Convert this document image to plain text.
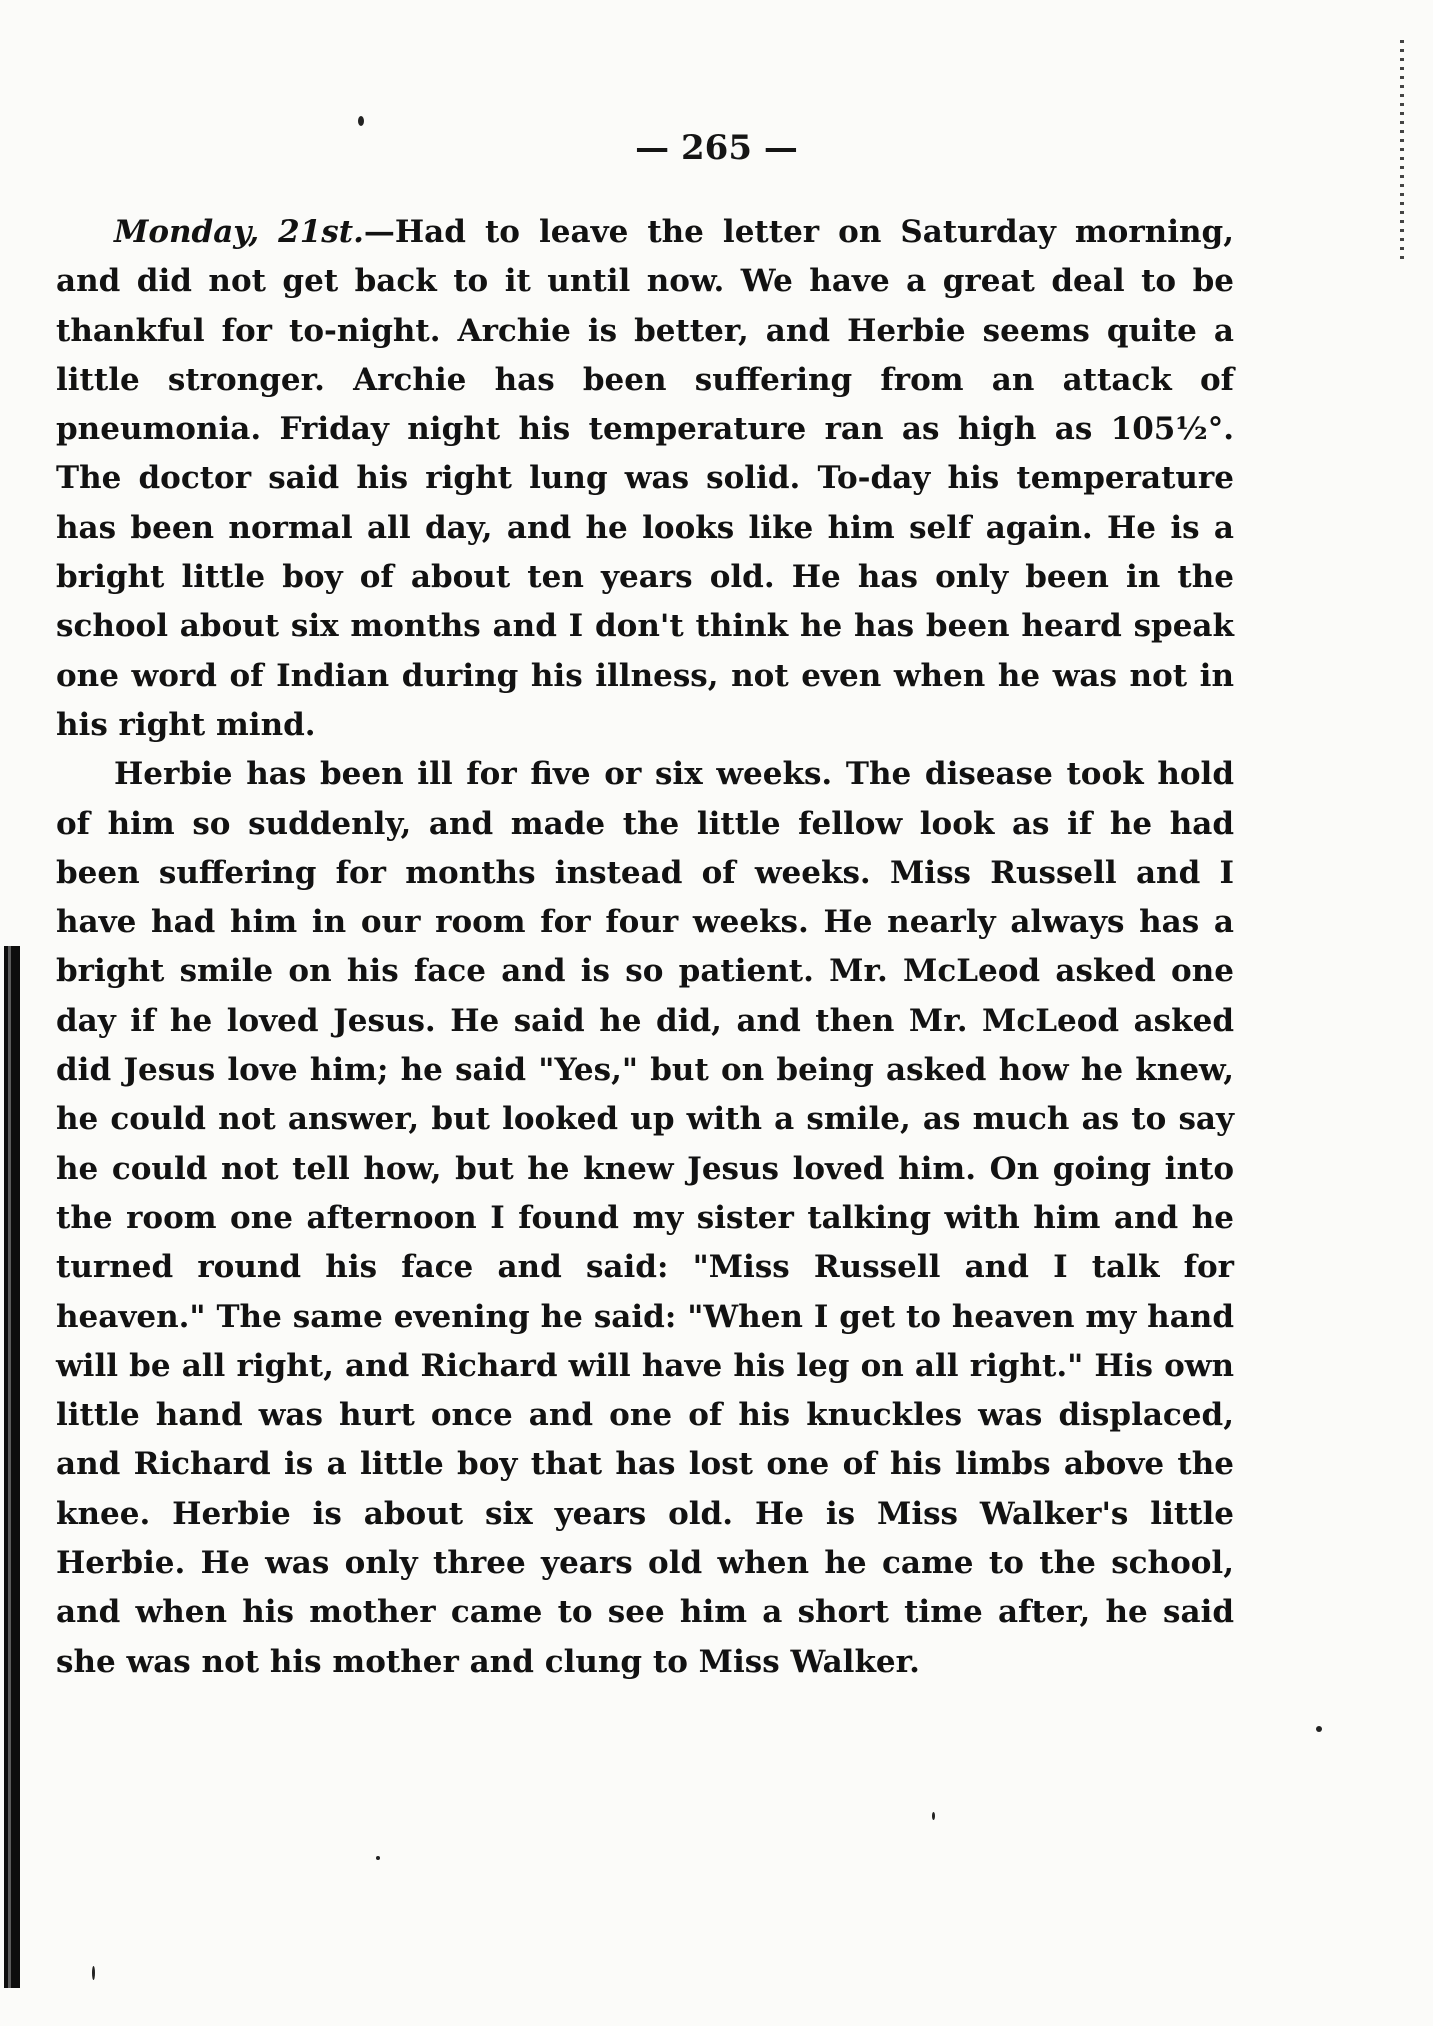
— 265 —

Monday, 21st.—Had to leave the letter on Saturday morning, and did not get back to it until now. We have a great deal to be thankful for to-night. Archie is better, and Herbie seems quite a little stronger. Archie has been suffering from an attack of pneumonia. Friday night his temperature ran as high as 105½°. The doctor said his right lung was solid. To-day his temperature has been normal all day, and he looks like him self again. He is a bright little boy of about ten years old. He has only been in the school about six months and I don't think he has been heard speak one word of Indian during his illness, not even when he was not in his right mind.

Herbie has been ill for five or six weeks. The disease took hold of him so suddenly, and made the little fellow look as if he had been suffering for months instead of weeks. Miss Russell and I have had him in our room for four weeks. He nearly always has a bright smile on his face and is so patient. Mr. McLeod asked one day if he loved Jesus. He said he did, and then Mr. McLeod asked did Jesus love him; he said "Yes," but on being asked how he knew, he could not answer, but looked up with a smile, as much as to say he could not tell how, but he knew Jesus loved him. On going into the room one afternoon I found my sister talking with him and he turned round his face and said: "Miss Russell and I talk for heaven." The same evening he said: "When I get to heaven my hand will be all right, and Richard will have his leg on all right." His own little hand was hurt once and one of his knuckles was displaced, and Richard is a little boy that has lost one of his limbs above the knee. Herbie is about six years old. He is Miss Walker's little Herbie. He was only three years old when he came to the school, and when his mother came to see him a short time after, he said she was not his mother and clung to Miss Walker.
